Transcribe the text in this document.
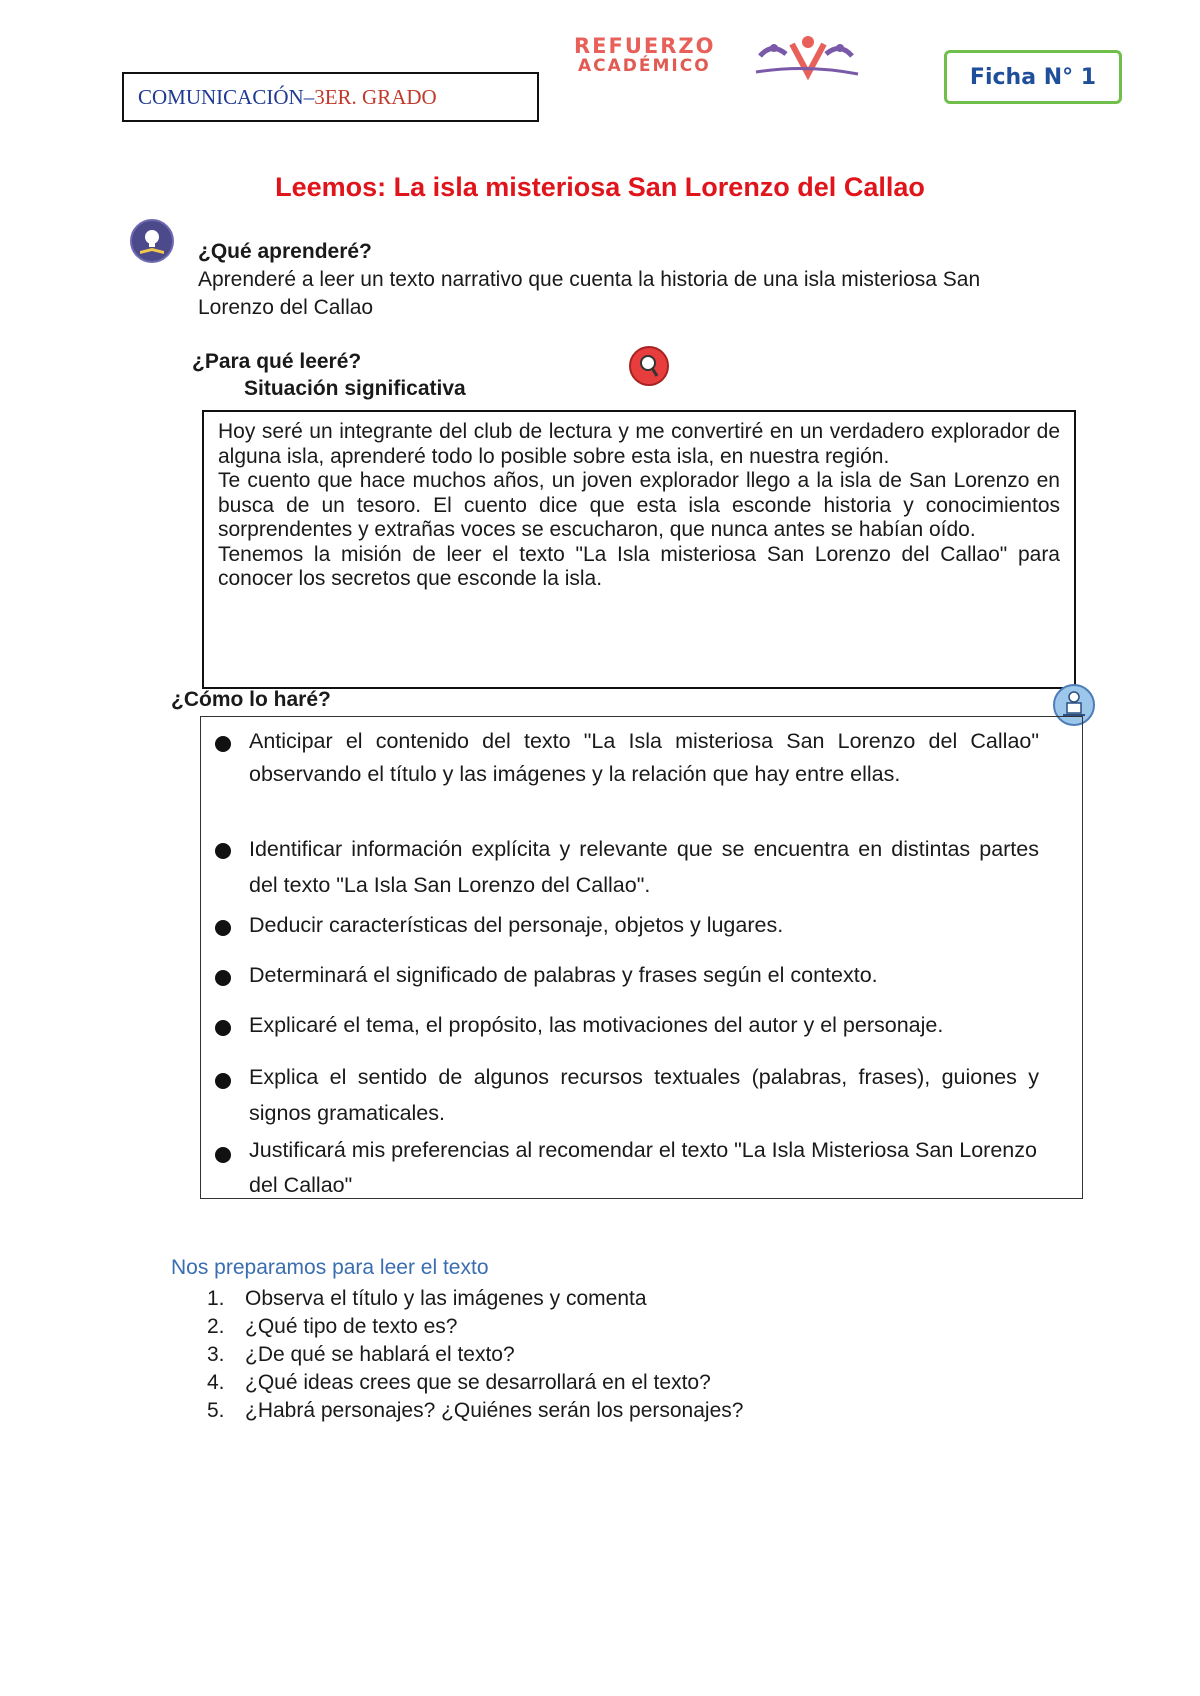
COMUNICACIÓN – 3ER. GRADO
REFUERZO
ACADÉMICO	Ficha N° 1
Leemos: La isla misteriosa San Lorenzo del Callao
¿Qué aprenderé?
Aprenderé a leer un texto narrativo que cuenta la historia de una isla misteriosa San Lorenzo del Callao
¿Para qué leeré?
Situación significativa

Hoy seré un integrante del club de lectura y me convertiré en un verdadero explorador de alguna isla, aprenderé todo lo posible sobre esta isla, en nuestra región.

Te cuento que hace muchos años, un joven explorador llego a la isla de San Lorenzo en busca de un tesoro. El cuento dice que esta isla esconde historia y conocimientos sorprendentes y extrañas voces se escucharon, que nunca antes se habían oído.

Tenemos la misión de leer el texto "La Isla misteriosa San Lorenzo del Callao" para conocer los secretos que esconde la isla.

¿Cómo lo haré?
Anticipar el contenido del texto "La Isla misteriosa San Lorenzo del Callao" observando el título y las imágenes y la relación que hay entre ellas.
Identificar información explícita y relevante que se encuentra en distintas partes del texto "La Isla San Lorenzo del Callao".
Deducir características del personaje, objetos y lugares.
Determinará el significado de palabras y frases según el contexto.
Explicaré el tema, el propósito, las motivaciones del autor y el personaje.
Explica el sentido de algunos recursos textuales (palabras, frases), guiones y signos gramaticales.
Justificará mis preferencias al recomendar el texto "La Isla Misteriosa San Lorenzo del Callao"
Nos preparamos para leer el texto
1. Observa el título y las imágenes y comenta
2. ¿Qué tipo de texto es?
3. ¿De qué se hablará el texto?
4. ¿Qué ideas crees que se desarrollará en el texto?
5. ¿Habrá personajes? ¿Quiénes serán los personajes?
